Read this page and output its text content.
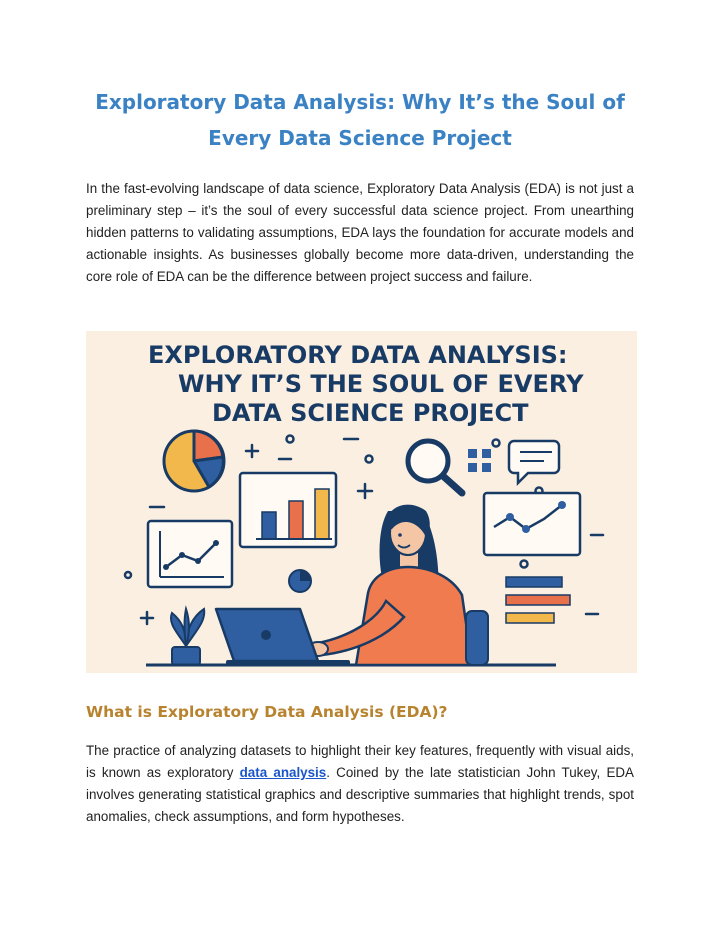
Exploratory Data Analysis: Why It’s the Soul of Every Data Science Project

In the fast-evolving landscape of data science, Exploratory Data Analysis (EDA) is not just a preliminary step – it’s the soul of every successful data science project. From unearthing hidden patterns to validating assumptions, EDA lays the foundation for accurate models and actionable insights. As businesses globally become more data-driven, understanding the core role of EDA can be the difference between project success and failure.

EXPLORATORY DATA ANALYSIS:
WHY IT’S THE SOUL OF EVERY
DATA SCIENCE PROJECT
What is Exploratory Data Analysis (EDA)?

The practice of analyzing datasets to highlight their key features, frequently with visual aids, is known as exploratory data analysis. Coined by the late statistician John Tukey, EDA involves generating statistical graphics and descriptive summaries that highlight trends, spot anomalies, check assumptions, and form hypotheses.
